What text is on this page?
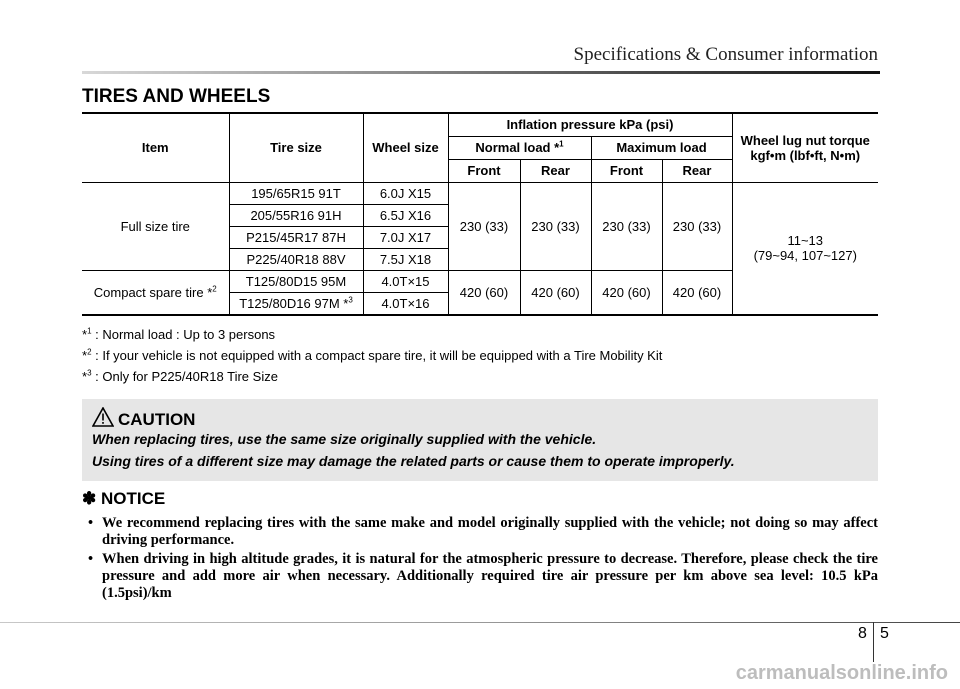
Specifications & Consumer information
TIRES AND WHEELS
Item	Tire size	Wheel size	Inflation pressure kPa (psi)				Wheel lug nut torque
kgf•m (lbf•ft, N•m)
			Normal load *$^1$		Maximum load		
			Front	Rear	Front	Rear	
Full size tire	195/65R15 91T	6.0J X15	230 (33)	230 (33)	230 (33)	230 (33)	11~13
(79~94, 107~127)
	205/55R16 91H	6.5J X16					
	P215/45R17 87H	7.0J X17					
	P225/40R18 88V	7.5J X18					
Compact spare tire *$^2$	T125/80D15 95M	4.0T×15	420 (60)	420 (60)	420 (60)	420 (60)	
	T125/80D16 97M *$^3$	4.0T×16					
*$^1$ : Normal load : Up to 3 persons
*$^2$ : If your vehicle is not equipped with a compact spare tire, it will be equipped with a Tire Mobility Kit
*$^3$ : Only for P225/40R18 Tire Size
CAUTION
When replacing tires, use the same size originally supplied with the vehicle.
Using tires of a different size may damage the related parts or cause them to operate improperly.
✽ NOTICE
• We recommend replacing tires with the same make and model originally supplied with the vehicle; not doing so may affect driving performance.
• When driving in high altitude grades, it is natural for the atmospheric pressure to decrease. Therefore, please check the tire pressure and add more air when necessary. Additionally required tire air pressure per km above sea level: 10.5 kPa (1.5psi)/km
8 5
carmanualsonline.info
